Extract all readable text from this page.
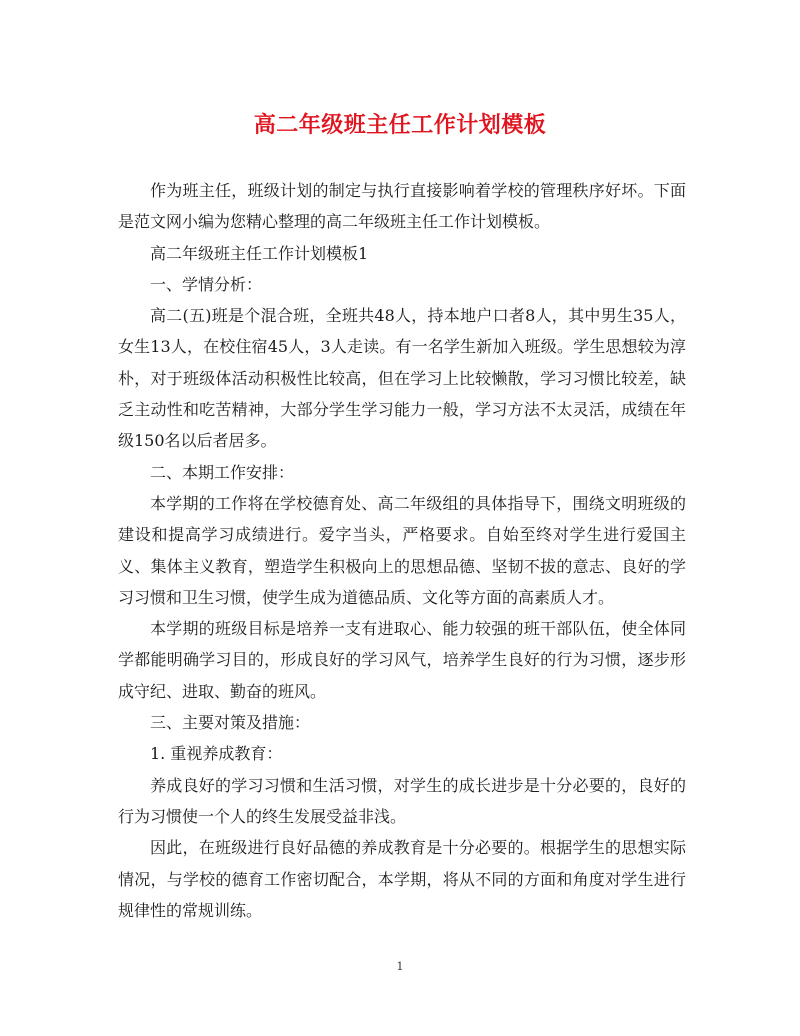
高二年级班主任工作计划模板

作为班主任，班级计划的制定与执行直接影响着学校的管理秩序好坏。下面是范文网小编为您精心整理的高二年级班主任工作计划模板。

高二年级班主任工作计划模板1

一、学情分析：

高二(五)班是个混合班，全班共48人，持本地户口者8人，其中男生35人，女生13人，在校住宿45人，3人走读。有一名学生新加入班级。学生思想较为淳朴，对于班级体活动积极性比较高，但在学习上比较懒散，学习习惯比较差，缺乏主动性和吃苦精神，大部分学生学习能力一般，学习方法不太灵活，成绩在年级150名以后者居多。

二、本期工作安排：

本学期的工作将在学校德育处、高二年级组的具体指导下，围绕文明班级的建设和提高学习成绩进行。爱字当头，严格要求。自始至终对学生进行爱国主义、集体主义教育，塑造学生积极向上的思想品德、坚韧不拔的意志、良好的学习习惯和卫生习惯，使学生成为道德品质、文化等方面的高素质人才。

本学期的班级目标是培养一支有进取心、能力较强的班干部队伍，使全体同学都能明确学习目的，形成良好的学习风气，培养学生良好的行为习惯，逐步形成守纪、进取、勤奋的班风。

三、主要对策及措施：

1. 重视养成教育：

养成良好的学习习惯和生活习惯，对学生的成长进步是十分必要的，良好的行为习惯使一个人的终生发展受益非浅。

因此，在班级进行良好品德的养成教育是十分必要的。根据学生的思想实际情况，与学校的德育工作密切配合，本学期，将从不同的方面和角度对学生进行规律性的常规训练。

1
